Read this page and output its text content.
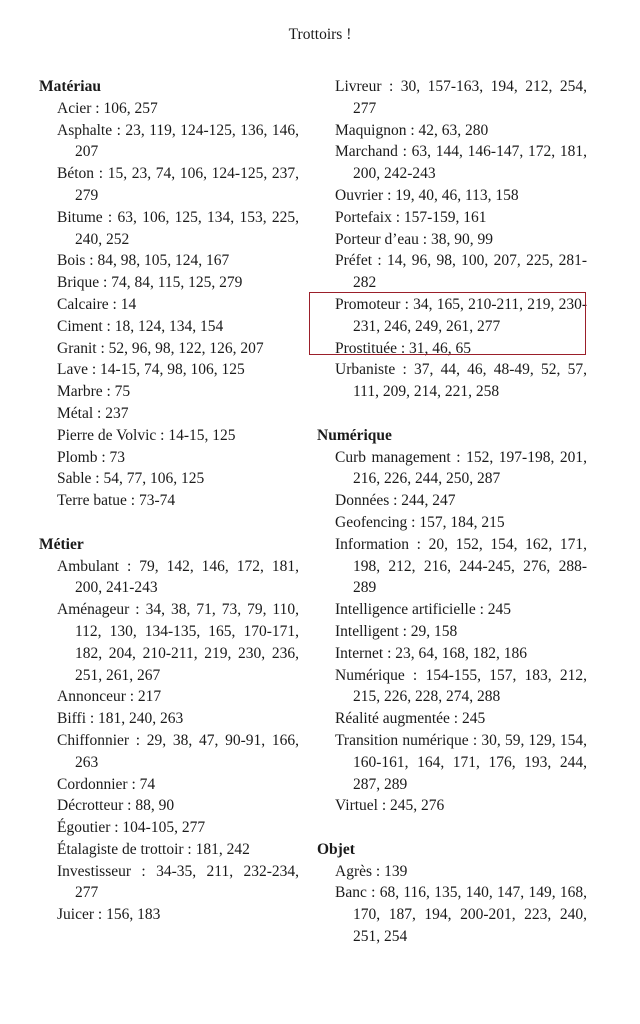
Trottoirs !
Matériau
Acier : 106, 257
Asphalte : 23, 119, 124-125, 136, 146, 207
Béton : 15, 23, 74, 106, 124-125, 237, 279
Bitume : 63, 106, 125, 134, 153, 225, 240, 252
Bois : 84, 98, 105, 124, 167
Brique : 74, 84, 115, 125, 279
Calcaire : 14
Ciment : 18, 124, 134, 154
Granit : 52, 96, 98, 122, 126, 207
Lave : 14-15, 74, 98, 106, 125
Marbre : 75
Métal : 237
Pierre de Volvic : 14-15, 125
Plomb : 73
Sable : 54, 77, 106, 125
Terre batue : 73-74
Métier
Ambulant : 79, 142, 146, 172, 181, 200, 241-243
Aménageur : 34, 38, 71, 73, 79, 110, 112, 130, 134-135, 165, 170-171, 182, 204, 210-211, 219, 230, 236, 251, 261, 267
Annonceur : 217
Biffi : 181, 240, 263
Chiffonnier : 29, 38, 47, 90-91, 166, 263
Cordonnier : 74
Décrotteur : 88, 90
Égoutier : 104-105, 277
Étalagiste de trottoir : 181, 242
Investisseur : 34-35, 211, 232-234, 277
Juicer : 156, 183
Livreur : 30, 157-163, 194, 212, 254, 277
Maquignon : 42, 63, 280
Marchand : 63, 144, 146-147, 172, 181, 200, 242-243
Ouvrier : 19, 40, 46, 113, 158
Portefaix : 157-159, 161
Porteur d’eau : 38, 90, 99
Préfet : 14, 96, 98, 100, 207, 225, 281-282
Promoteur : 34, 165, 210-211, 219, 230-231, 246, 249, 261, 277
Prostituée : 31, 46, 65
Urbaniste : 37, 44, 46, 48-49, 52, 57, 111, 209, 214, 221, 258
Numérique
Curb management : 152, 197-198, 201, 216, 226, 244, 250, 287
Données : 244, 247
Geofencing : 157, 184, 215
Information : 20, 152, 154, 162, 171, 198, 212, 216, 244-245, 276, 288-289
Intelligence artificielle : 245
Intelligent : 29, 158
Internet : 23, 64, 168, 182, 186
Numérique : 154-155, 157, 183, 212, 215, 226, 228, 274, 288
Réalité augmentée : 245
Transition numérique : 30, 59, 129, 154, 160-161, 164, 171, 176, 193, 244, 287, 289
Virtuel : 245, 276
Objet
Agrès : 139
Banc : 68, 116, 135, 140, 147, 149, 168, 170, 187, 194, 200-201, 223, 240, 251, 254
